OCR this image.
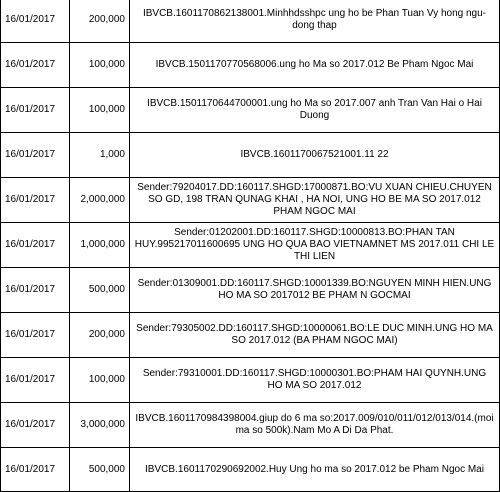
16/01/2017	200,000	IBVCB.1601170862138001.Minhhdsshpc ung ho be Phan Tuan Vy hong ngu-dong thap
16/01/2017	100,000	IBVCB.1501170770568006.ung ho Ma so 2017.012 Be Pham Ngoc Mai
16/01/2017	100,000	IBVCB.1501170644700001.ung ho Ma so 2017.007 anh Tran Van Hai o Hai Duong
16/01/2017	1,000	IBVCB.1601170067521001.11 22
16/01/2017	2,000,000	Sender:79204017.DD:160117.SHGD:17000871.BO:VU XUAN CHIEU.CHUYEN SO GD, 198 TRAN QUNAG KHAI , HA NOI, UNG HO BE MA SO 2017.012 PHAM NGOC MAI
16/01/2017	1,000,000	Sender:01202001.DD:160117.SHGD:10000813.BO:PHAN TAN HUY.995217011600695 UNG HO QUA BAO VIETNAMNET MS 2017.011 CHI LE THI LIEN
16/01/2017	500,000	Sender:01309001.DD:160117.SHGD:10001339.BO:NGUYEN MINH HIEN.UNG HO MA SO 2017012 BE PHAM N GOCMAI
16/01/2017	200,000	Sender:79305002.DD:160117.SHGD:10000061.BO:LE DUC MINH.UNG HO MA SO 2017.012 (BA PHAM NGOC MAI)
16/01/2017	100,000	Sender:79310001.DD:160117.SHGD:10000301.BO:PHAM HAI QUYNH.UNG HO MA SO 2017.012
16/01/2017	3,000,000	IBVCB.1601170984398004.giup do 6 ma so:2017.009/010/011/012/013/014.(moi ma so 500k).Nam Mo A Di Da Phat.
16/01/2017	500,000	IBVCB.1601170290692002.Huy Ung ho ma so 2017.012 be Pham Ngoc Mai
